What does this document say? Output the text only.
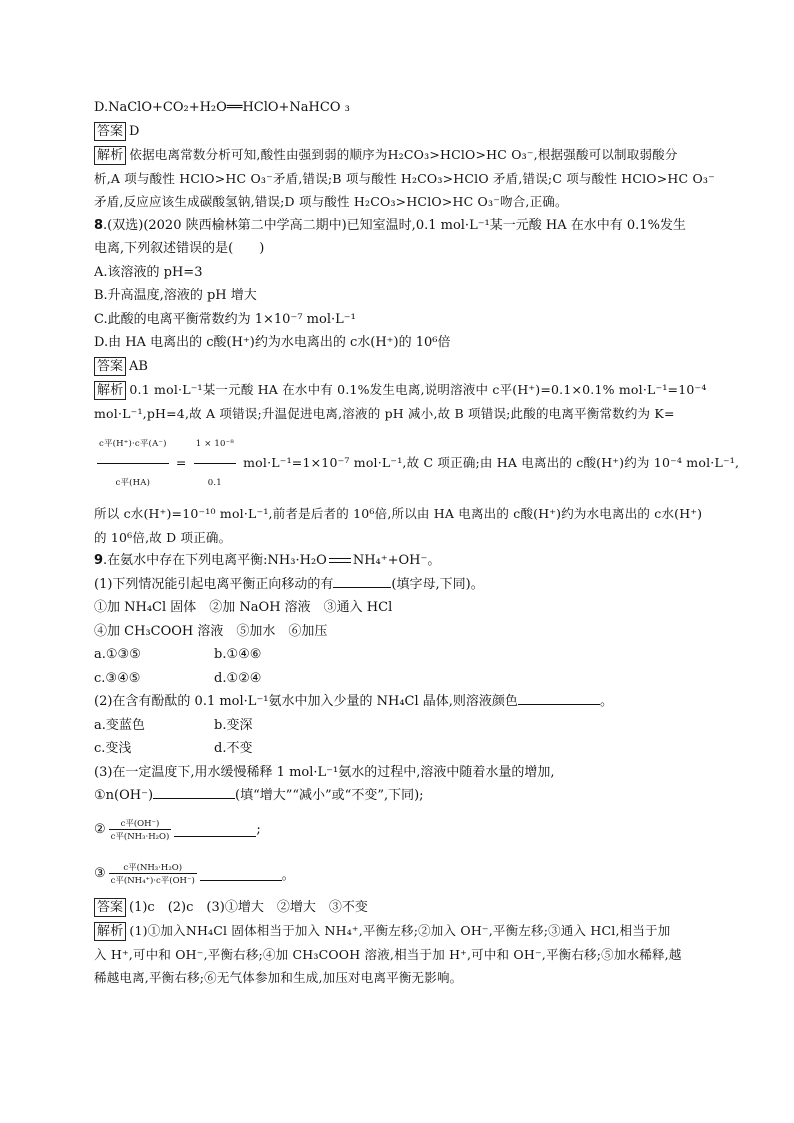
D.NaClO+CO₂+H₂O══HClO+NaHCO ₃
答案 D
解析 依据电离常数分析可知,酸性由强到弱的顺序为H₂CO₃>HClO>HC O₃⁻,根据强酸可以制取弱酸分
析,A 项与酸性 HClO>HC O₃⁻矛盾,错误;B 项与酸性 H₂CO₃>HClO 矛盾,错误;C 项与酸性 HClO>HC O₃⁻
矛盾,反应应该生成碳酸氢钠,错误;D 项与酸性 H₂CO₃>HClO>HC O₃⁻吻合,正确。
8.(双选)(2020 陕西榆林第二中学高二期中)已知室温时,0.1 mol·L⁻¹某一元酸 HA 在水中有 0.1%发生
电离,下列叙述错误的是(　　)
A.该溶液的 pH=3
B.升高温度,溶液的 pH 增大
C.此酸的电离平衡常数约为 1×10⁻⁷ mol·L⁻¹
D.由 HA 电离出的 c酸(H⁺)约为水电离出的 c水(H⁺)的 10⁶倍
答案 AB
解析 0.1 mol·L⁻¹某一元酸 HA 在水中有 0.1%发生电离,说明溶液中 c平(H⁺)=0.1×0.1% mol·L⁻¹=10⁻⁴
mol·L⁻¹,pH=4,故 A 项错误;升温促进电离,溶液的 pH 减小,故 B 项错误;此酸的电离平衡常数约为 K=
$\frac{\text{c平(H⁺)·c平(A⁻)}}{\text{c平(HA)}} = \frac{\text{1 × 10⁻⁸}}{0.1} mol\cdot L^{-1}=1\times 10^{-7}$ mol·L⁻¹,故 C 项正确;由 HA 电离出的 c酸(H⁺)约为 10⁻⁴ mol·L⁻¹,
所以 c水(H⁺)=10⁻¹⁰ mol·L⁻¹,前者是后者的 10⁶倍,所以由 HA 电离出的 c酸(H⁺)约为水电离出的 c水(H⁺)
的 10⁶倍,故 D 项正确。
9.在氨水中存在下列电离平衡:NH₃·H₂O NH₄⁺+OH⁻。
(1)下列情况能引起电离平衡正向移动的有	(填字母,下同)。
①加 NH₄Cl 固体　②加 NaOH 溶液　③通入 HCl
④加 CH₃COOH 溶液　⑤加水　⑥加压
a.①③⑤	b.①④⑥
c.③④⑤	d.①②④
(2)在含有酚酞的 0.1 mol·L⁻¹氨水中加入少量的 NH₄Cl 晶体,则溶液颜色	。
a.变蓝色	b.变深
c.变浅	d.不变
(3)在一定温度下,用水缓慢稀释 1 mol·L⁻¹氨水的过程中,溶液中随着水量的增加,
①n(OH⁻)	(填“增大”“减小”或“不变”,下同);
② $\frac{\text{c平(OH⁻)}}{\text{c平(NH₃·H₂O)}}$	;
③ $\frac{\text{c平(NH₃·H₂O)}}{\text{c平(NH₄⁺)·c平(OH⁻)}}$	。
答案 (1)c　(2)c　(3)①增大　②增大　③不变
解析 (1)①加入NH₄Cl 固体相当于加入 NH₄⁺,平衡左移;②加入 OH⁻,平衡左移;③通入 HCl,相当于加
入 H⁺,可中和 OH⁻,平衡右移;④加 CH₃COOH 溶液,相当于加 H⁺,可中和 OH⁻,平衡右移;⑤加水稀释,越
稀越电离,平衡右移;⑥无气体参加和生成,加压对电离平衡无影响。
